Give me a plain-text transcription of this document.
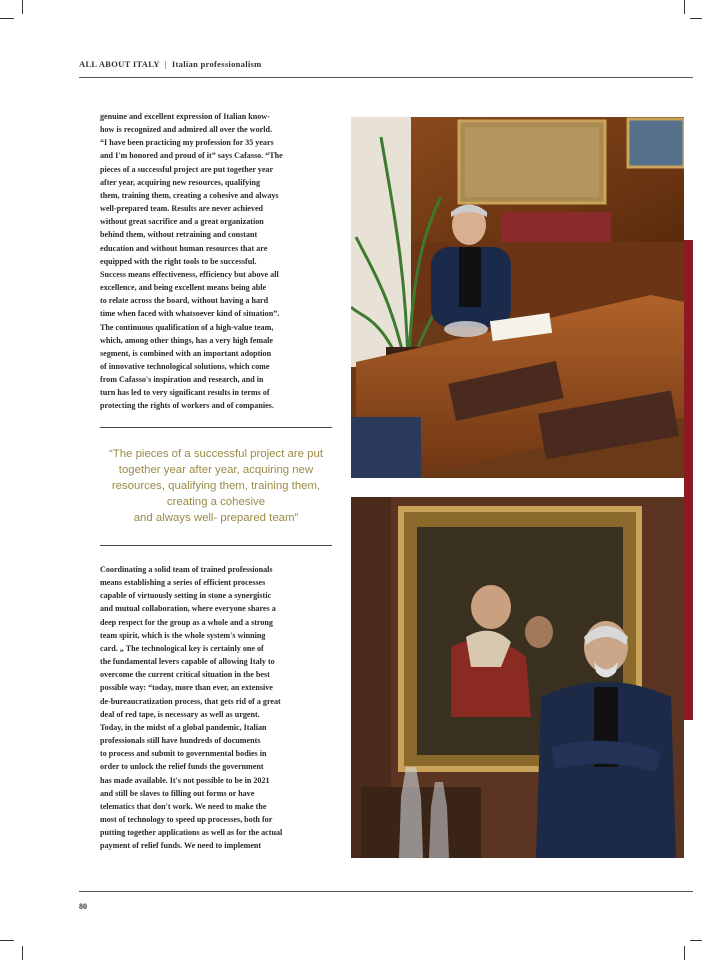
ALL ABOUT ITALY | Italian professionalism
genuine and excellent expression of Italian know-
how is recognized and admired all over the world.
“I have been practicing my profession for 35 years
and I'm honored and proud of it” says Cafasso. “The
pieces of a successful project are put together year
after year, acquiring new resources, qualifying
them, training them, creating a cohesive and always
well-prepared team. Results are never achieved
without great sacrifice and a great organization
behind them, without retraining and constant
education and without human resources that are
equipped with the right tools to be successful.
Success means effectiveness, efficiency but above all
excellence, and being excellent means being able
to relate across the board, without having a hard
time when faced with whatsoever kind of situation”.
The continuous qualification of a high-value team,
which, among other things, has a very high female
segment, is combined with an important adoption
of innovative technological solutions, which come
from Cafasso's inspiration and research, and in
turn has led to very significant results in terms of
protecting the rights of workers and of companies.
“The pieces of a successful project are put
together year after year, acquiring new
resources, qualifying them, training them,
creating a cohesive
and always well- prepared team”
Coordinating a solid team of trained professionals
means establishing a series of efficient processes
capable of virtuously setting in stone a synergistic
and mutual collaboration, where everyone shares a
deep respect for the group as a whole and a strong
team spirit, which is the whole system's winning
card. „ The technological key is certainly one of
the fundamental levers capable of allowing Italy to
overcome the current critical situation in the best
possible way: “today, more than ever, an extensive
de-bureaucratization process, that gets rid of a great
deal of red tape, is necessary as well as urgent.
Today, in the midst of a global pandemic, Italian
professionals still have hundreds of documents
to process and submit to governmental bodies in
order to unlock the relief funds the government
has made available. It's not possible to be in 2021
and still be slaves to filling out forms or have
telematics that don't work. We need to make the
most of technology to speed up processes, both for
putting together applications as well as for the actual
payment of relief funds. We need to implement
80
